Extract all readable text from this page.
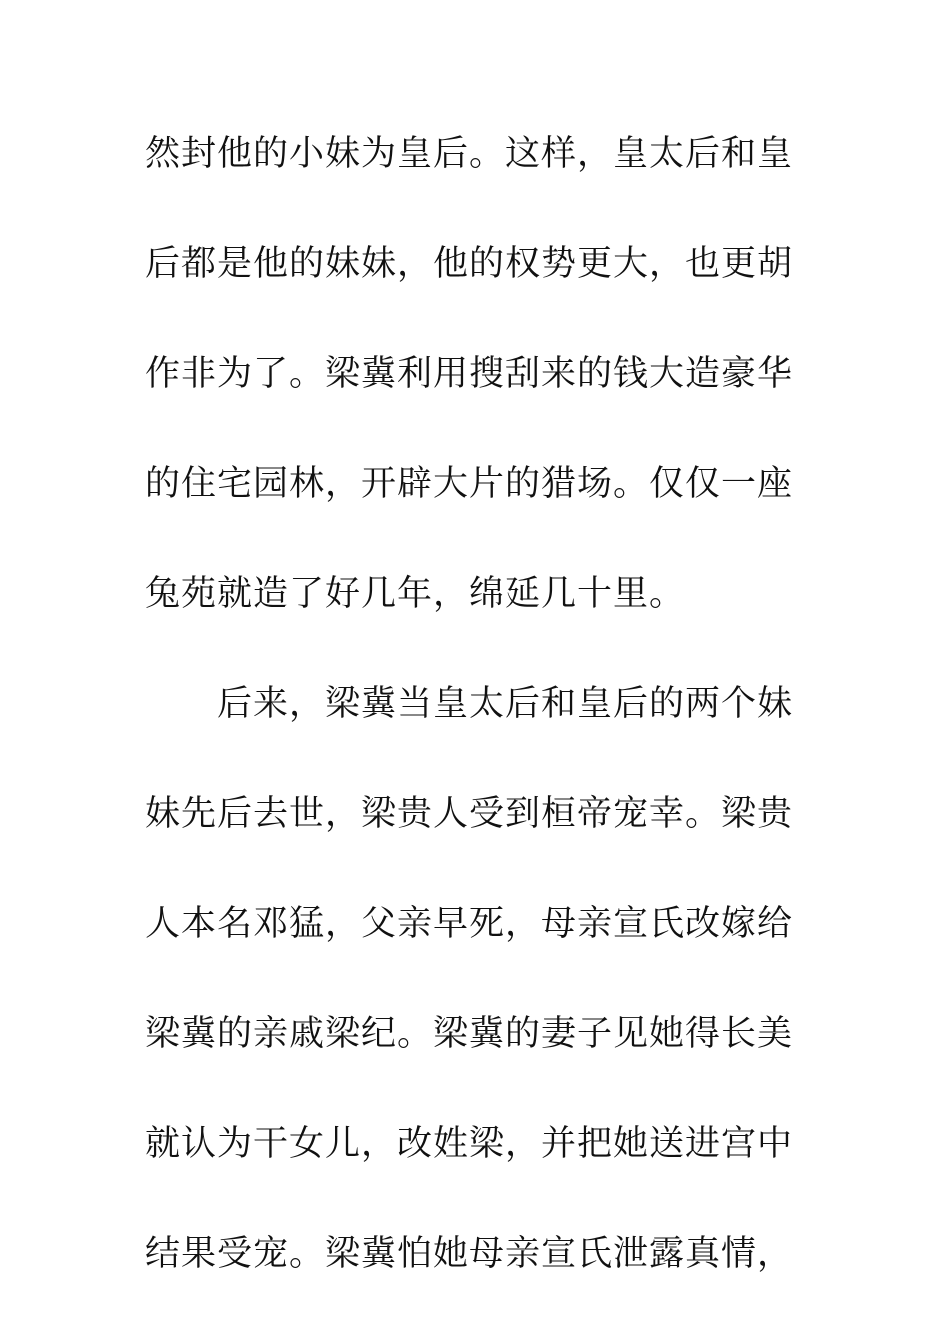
然封他的小妹为皇后。这样，皇太后和皇
后都是他的妹妹，他的权势更大，也更胡
作非为了。梁冀利用搜刮来的钱大造豪华
的住宅园林，开辟大片的猎场。仅仅一座
兔苑就造了好几年，绵延几十里。
后来，梁冀当皇太后和皇后的两个妹
妹先后去世，梁贵人受到桓帝宠幸。梁贵
人本名邓猛，父亲早死，母亲宣氏改嫁给
梁冀的亲戚梁纪。梁冀的妻子见她得长美
就认为干女儿，改姓梁，并把她送进宫中
结果受宠。梁冀怕她母亲宣氏泄露真情，
